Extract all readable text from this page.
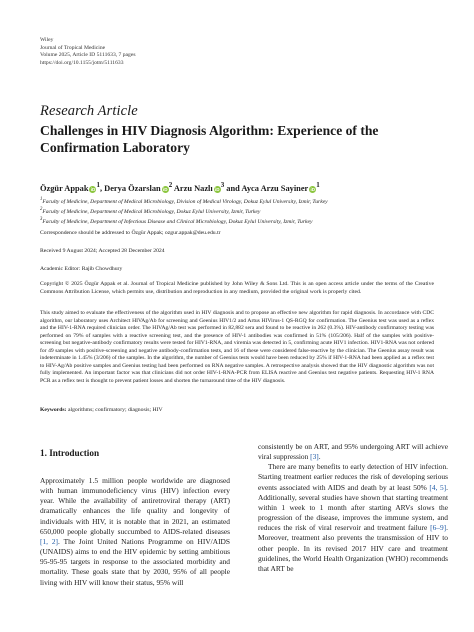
Wiley
Journal of Tropical Medicine
Volume 2025, Article ID 5111633, 7 pages
https://doi.org/10.1155/jotm/5111633
Research Article
Challenges in HIV Diagnosis Algorithm: Experience of the Confirmation Laboratory
Özgür Appak $iD^1$, Derya Özarslan $iD^2$ Arzu Nazlı $iD^3$ and Ayca Arzu Sayiner $iD^1$
$^1$Faculty of Medicine, Department of Medical Microbiology, Division of Medical Virology, Dokuz Eylul University, Izmir, Turkey
$^2$Faculty of Medicine, Department of Medical Microbiology, Dokuz Eylul University, Izmir, Turkey
$^3$Faculty of Medicine, Department of Infectious Disease and Clinical Microbiology, Dokuz Eylul University, Izmir, Turkey
Correspondence should be addressed to Özgür Appak; ozgur.appak@deu.edu.tr
Received 9 August 2024; Accepted 28 December 2024
Academic Editor: Rajib Chowdhury
Copyright © 2025 Özgür Appak et al. Journal of Tropical Medicine published by John Wiley & Sons Ltd. This is an open access article under the terms of the Creative Commons Attribution License, which permits use, distribution and reproduction in any medium, provided the original work is properly cited.
This study aimed to evaluate the effectiveness of the algorithm used in HIV diagnosis and to propose an effective new algorithm for rapid diagnosis. In accordance with CDC algorithm, our laboratory uses Architect HIVAg/Ab for screening and Geenius HIV1/2 and Artus HIVirus-1 QS-RGQ for confirmation. The Geenius test was used as a reflex and the HIV-1-RNA required clinician order. The HIVAg/Ab test was performed in 82,882 sera and found to be reactive in 262 (0.3%). HIV-antibody confirmatory testing was performed on 79% of samples with a reactive screening test, and the presence of HIV-1 antibodies was confirmed in 51% (105/206). Half of the samples with positive-screening but negative-antibody confirmatory results were tested for HIV1-RNA, and viremia was detected in 5, confirming acute HIV1 infection. HIV1-RNA was not ordered for 49 samples with positive-screening and negative antibody-confirmation tests, and 16 of these were considered false-reactive by the clinician. The Geenius assay result was indeterminate in 1.45% (3/206) of the samples. In the algorithm, the number of Geenius tests would have been reduced by 25% if HIV-1-RNA had been applied as a reflex test to HIV-Ag/Ab positive samples and Geenius testing had been performed on RNA negative samples. A retrospective analysis showed that the HIV diagnostic algorithm was not fully implemented. An important factor was that clinicians did not order HIV-1-RNA-PCR from ELISA reactive and Geenius test negative patients. Requesting HIV-1 RNA PCR as a reflex test is thought to prevent patient losses and shorten the turnaround time of the HIV diagnosis.
Keywords: algorithms; confirmatory; diagnosis; HIV
1. Introduction
Approximately 1.5 million people worldwide are diagnosed with human immunodeficiency virus (HIV) infection every year. While the availability of antiretroviral therapy (ART) dramatically enhances the life quality and longevity of individuals with HIV, it is notable that in 2021, an estimated 650,000 people globally succumbed to AIDS-related diseases [1, 2]. The Joint United Nations Programme on HIV/AIDS (UNAIDS) aims to end the HIV epidemic by setting ambitious 95-95-95 targets in response to the associated morbidity and mortality. These goals state that by 2030, 95% of all people living with HIV will know their status, 95% will
consistently be on ART, and 95% undergoing ART will achieve viral suppression [3].
There are many benefits to early detection of HIV infection. Starting treatment earlier reduces the risk of developing serious events associated with AIDS and death by at least 50% [4, 5]. Additionally, several studies have shown that starting treatment within 1 week to 1 month after starting ARVs slows the progression of the disease, improves the immune system, and reduces the risk of viral reservoir and treatment failure [6–9]. Moreover, treatment also prevents the transmission of HIV to other people. In its revised 2017 HIV care and treatment guidelines, the World Health Organization (WHO) recommends that ART be
